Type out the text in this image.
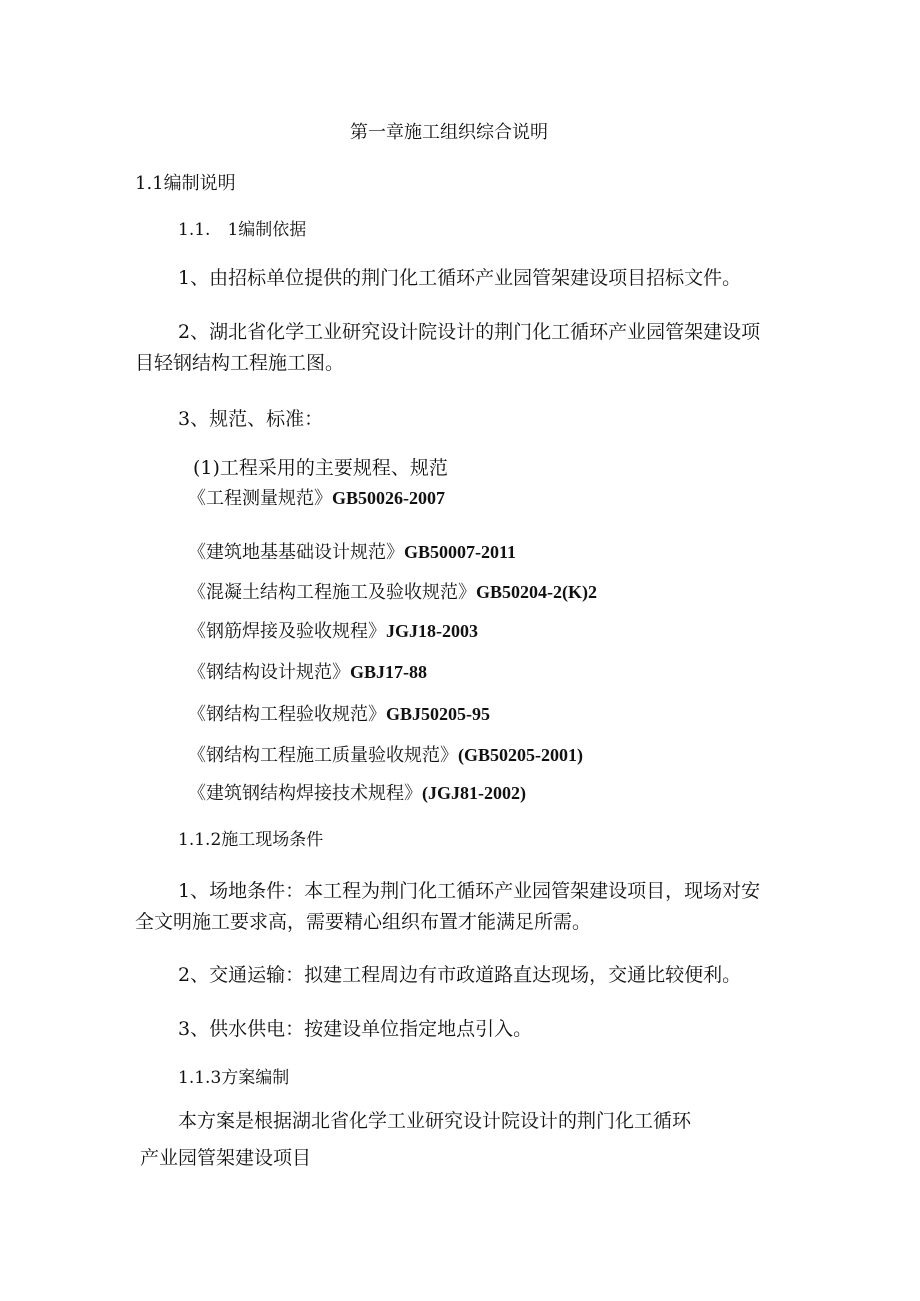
第一章施工组织综合说明
1.1编制说明
1.1.　1编制依据
1、由招标单位提供的荆门化工循环产业园管架建设项目招标文件。
2、湖北省化学工业研究设计院设计的荆门化工循环产业园管架建设项
目轻钢结构工程施工图。
3、规范、标准：
(1)工程采用的主要规程、规范
《工程测量规范》GB50026-2007
《建筑地基基础设计规范》GB50007-2011
《混凝土结构工程施工及验收规范》GB50204-2(K)2
《钢筋焊接及验收规程》JGJ18-2003
《钢结构设计规范》GBJ17-88
《钢结构工程验收规范》GBJ50205-95
《钢结构工程施工质量验收规范》(GB50205-2001)
《建筑钢结构焊接技术规程》(JGJ81-2002)
1.1.2施工现场条件
1、场地条件：本工程为荆门化工循环产业园管架建设项目，现场对安
全文明施工要求高，需要精心组织布置才能满足所需。
2、交通运输：拟建工程周边有市政道路直达现场，交通比较便利。
3、供水供电：按建设单位指定地点引入。
1.1.3方案编制
本方案是根据湖北省化学工业研究设计院设计的荆门化工循环
产业园管架建设项目
